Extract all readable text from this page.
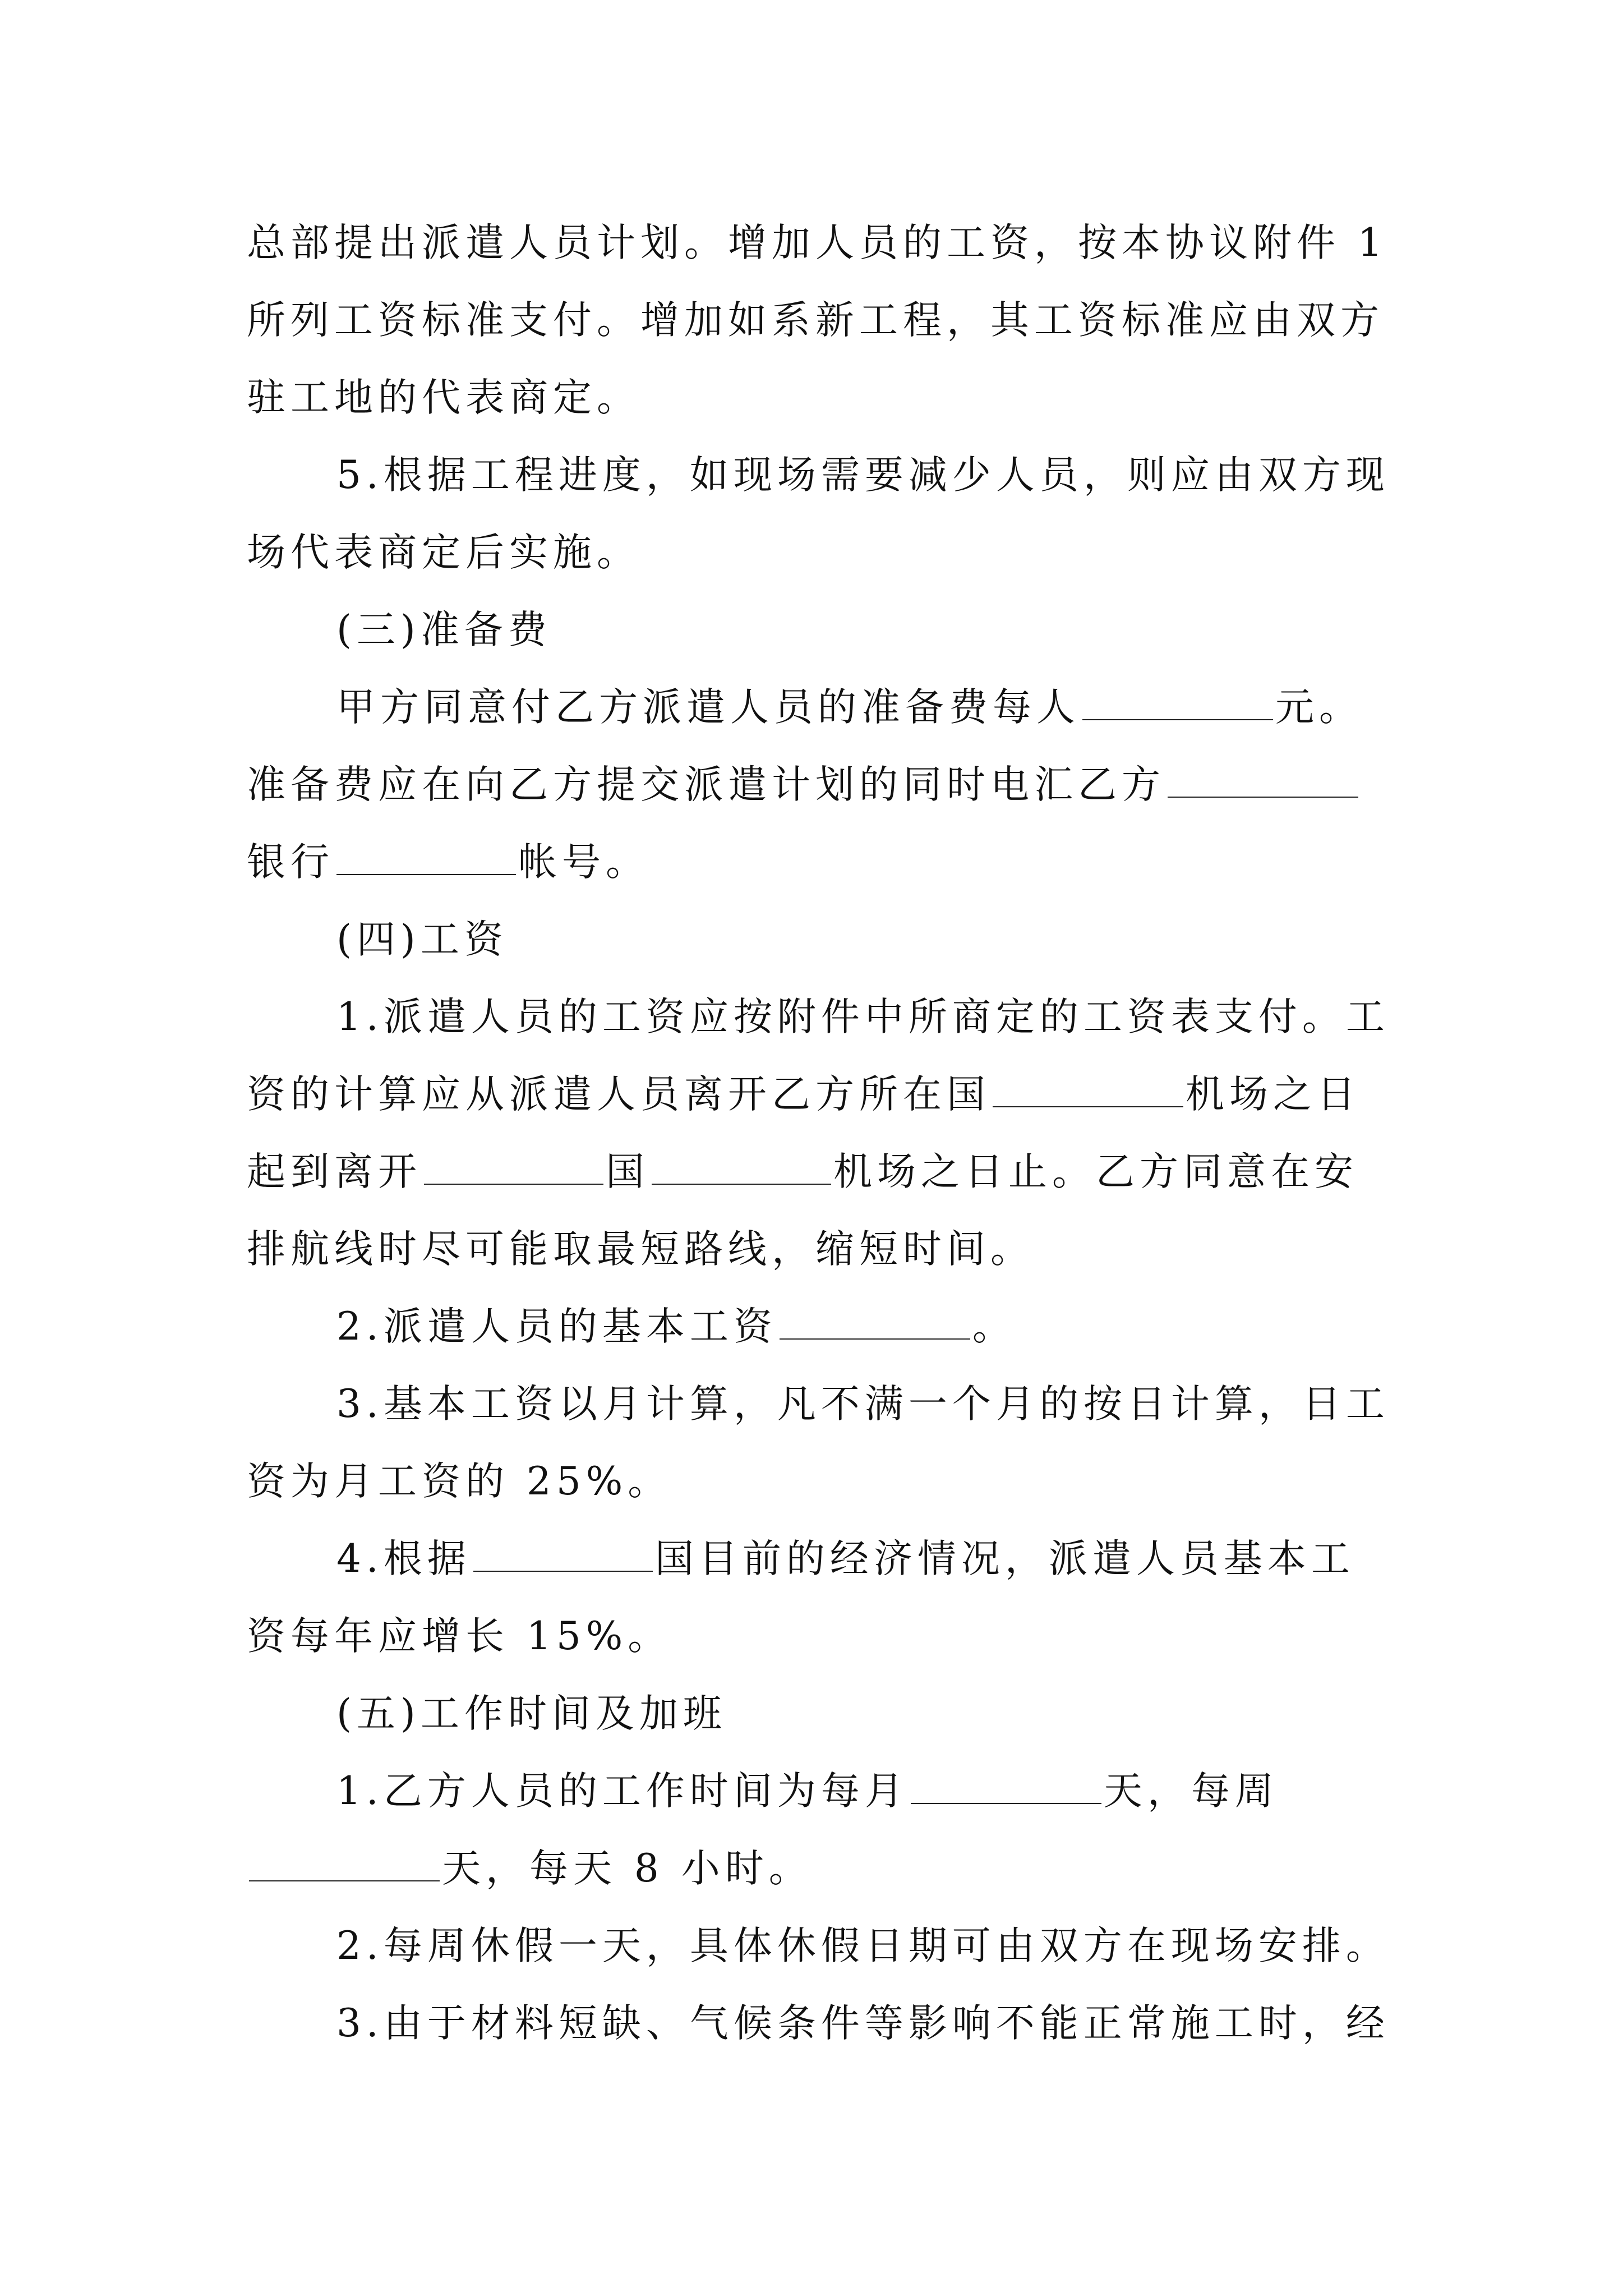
总部提出派遣人员计划。增加人员的工资，按本协议附件 1
所列工资标准支付。增加如系新工程，其工资标准应由双方
驻工地的代表商定。
5.根据工程进度，如现场需要减少人员，则应由双方现
场代表商定后实施。
(三)准备费
甲方同意付乙方派遣人员的准备费每人	元。
准备费应在向乙方提交派遣计划的同时电汇乙方
银行	帐号。
(四)工资
1.派遣人员的工资应按附件中所商定的工资表支付。工
资的计算应从派遣人员离开乙方所在国	机场之日
起到离开	国	机场之日止。乙方同意在安
排航线时尽可能取最短路线，缩短时间。
2.派遣人员的基本工资	。
3.基本工资以月计算，凡不满一个月的按日计算，日工
资为月工资的 25%。
4.根据	国目前的经济情况，派遣人员基本工
资每年应增长 15%。
(五)工作时间及加班
1.乙方人员的工作时间为每月	天，每周
天，每天 8 小时。
2.每周休假一天，具体休假日期可由双方在现场安排。
3.由于材料短缺、气候条件等影响不能正常施工时，经
